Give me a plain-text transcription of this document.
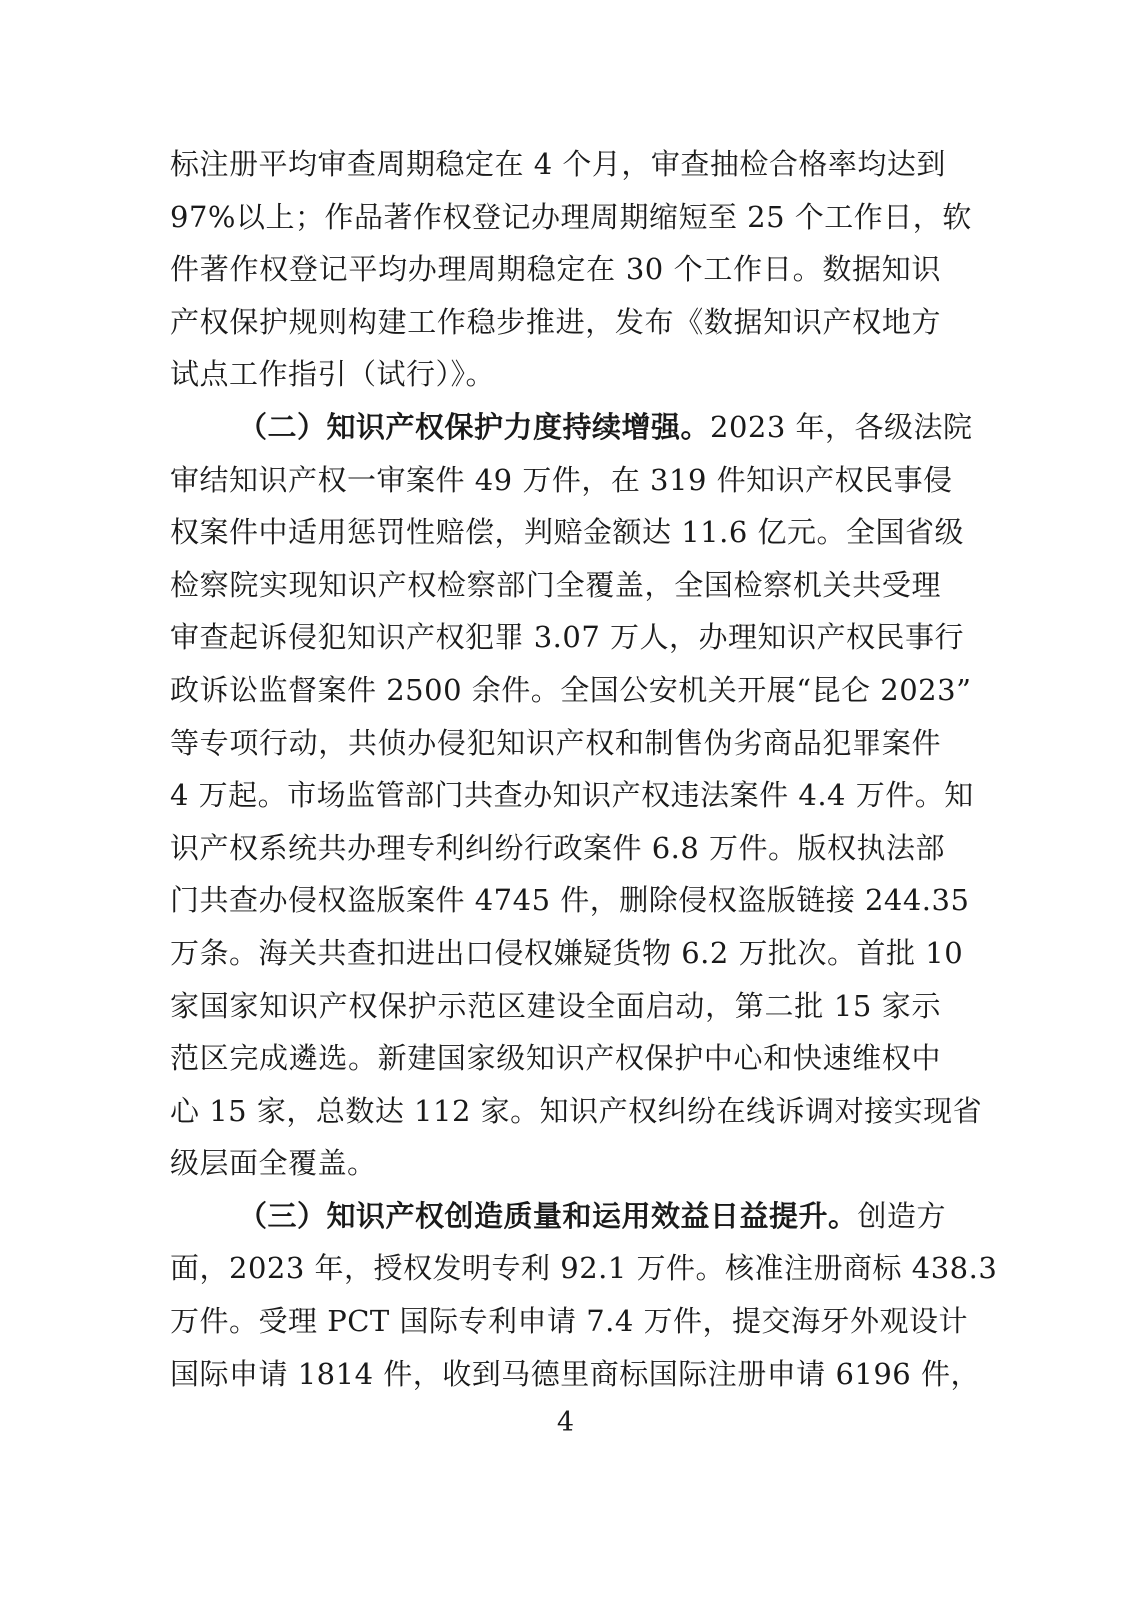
标注册平均审查周期稳定在 4 个月，审查抽检合格率均达到
97%以上；作品著作权登记办理周期缩短至 25 个工作日，软
件著作权登记平均办理周期稳定在 30 个工作日。数据知识
产权保护规则构建工作稳步推进，发布《数据知识产权地方
试点工作指引（试行）》。
（二）知识产权保护力度持续增强。2023 年，各级法院
审结知识产权一审案件 49 万件，在 319 件知识产权民事侵
权案件中适用惩罚性赔偿，判赔金额达 11.6 亿元。全国省级
检察院实现知识产权检察部门全覆盖，全国检察机关共受理
审查起诉侵犯知识产权犯罪 3.07 万人，办理知识产权民事行
政诉讼监督案件 2500 余件。全国公安机关开展“昆仑 2023”
等专项行动，共侦办侵犯知识产权和制售伪劣商品犯罪案件
4 万起。市场监管部门共查办知识产权违法案件 4.4 万件。知
识产权系统共办理专利纠纷行政案件 6.8 万件。版权执法部
门共查办侵权盗版案件 4745 件，删除侵权盗版链接 244.35
万条。海关共查扣进出口侵权嫌疑货物 6.2 万批次。首批 10
家国家知识产权保护示范区建设全面启动，第二批 15 家示
范区完成遴选。新建国家级知识产权保护中心和快速维权中
心 15 家，总数达 112 家。知识产权纠纷在线诉调对接实现省
级层面全覆盖。
（三）知识产权创造质量和运用效益日益提升。创造方
面，2023 年，授权发明专利 92.1 万件。核准注册商标 438.3
万件。受理 PCT 国际专利申请 7.4 万件，提交海牙外观设计
国际申请 1814 件，收到马德里商标国际注册申请 6196 件，
4
